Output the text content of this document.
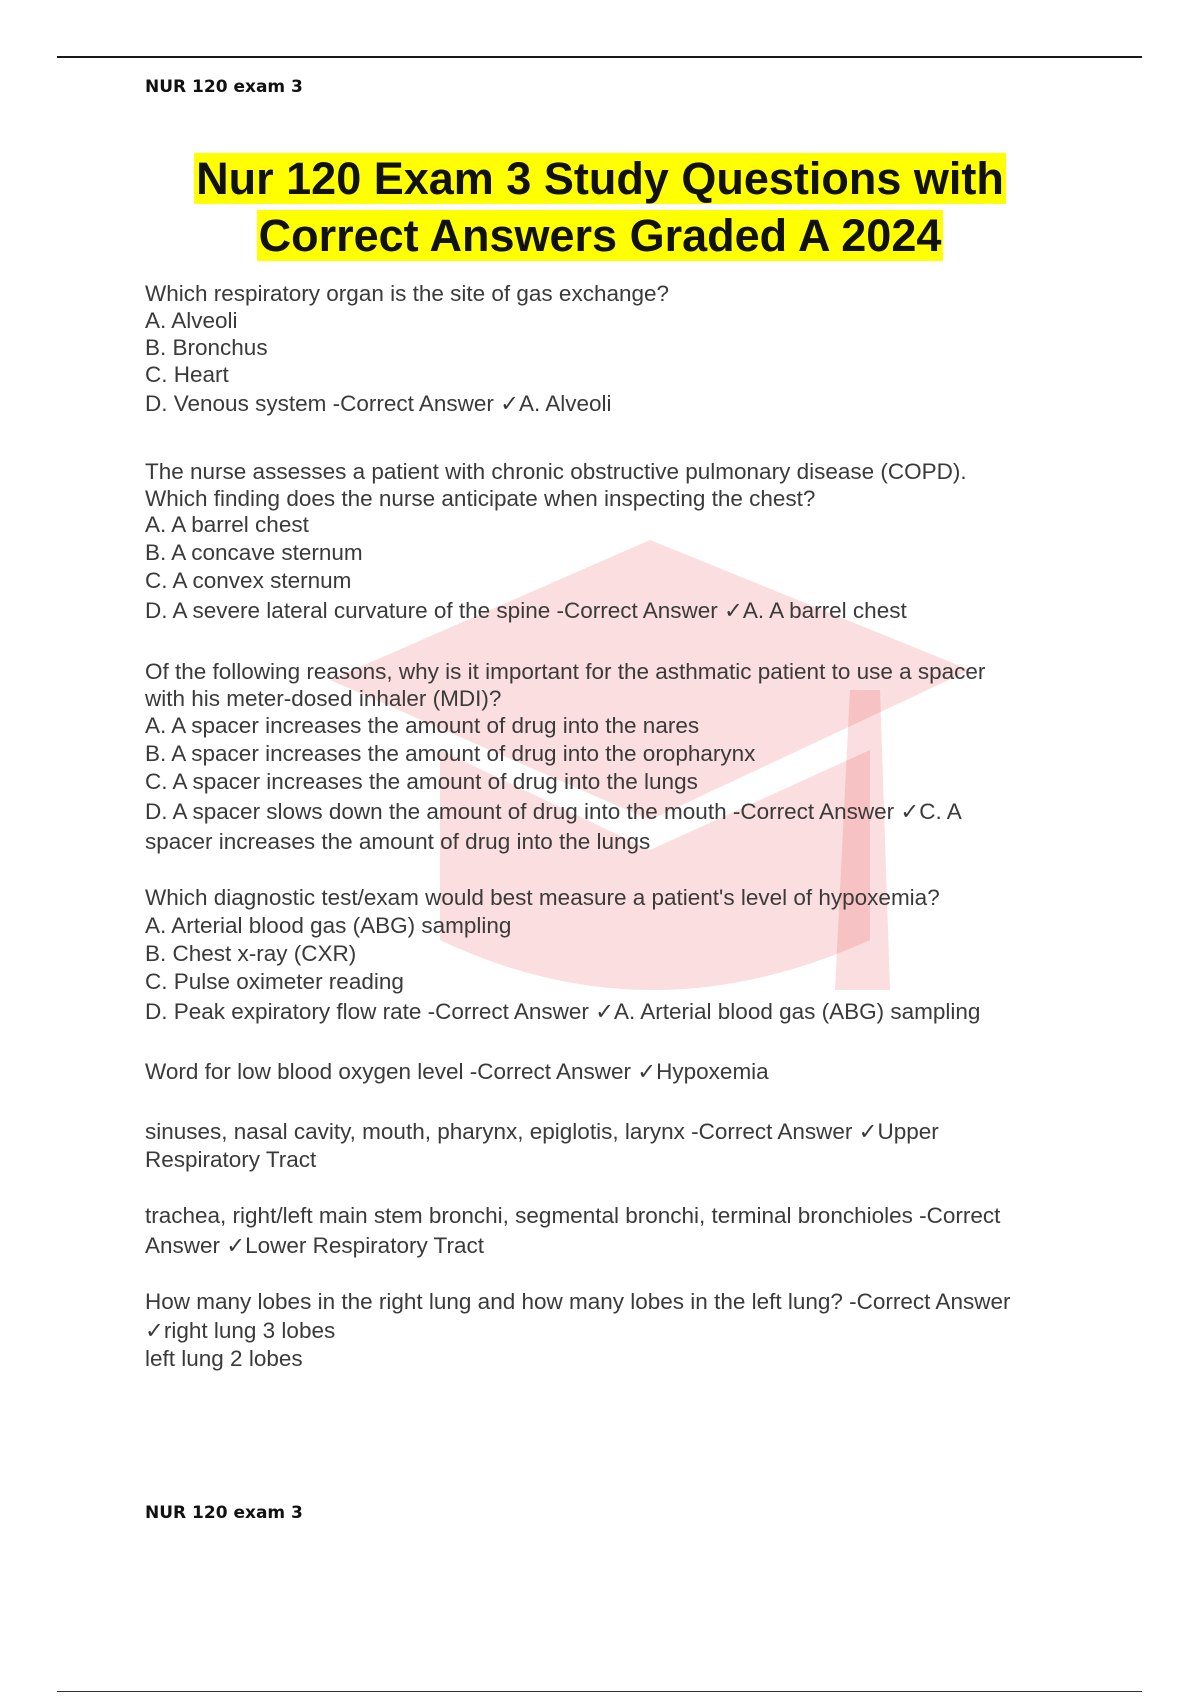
NUR 120 exam 3
Nur 120 Exam 3 Study Questions with
Correct Answers Graded A 2024
Which respiratory organ is the site of gas exchange?
A. Alveoli
B. Bronchus
C. Heart
D. Venous system -Correct Answer ✓A. Alveoli
The nurse assesses a patient with chronic obstructive pulmonary disease (COPD).
Which finding does the nurse anticipate when inspecting the chest?
A. A barrel chest
B. A concave sternum
C. A convex sternum
D. A severe lateral curvature of the spine -Correct Answer ✓A. A barrel chest
Of the following reasons, why is it important for the asthmatic patient to use a spacer
with his meter-dosed inhaler (MDI)?
A. A spacer increases the amount of drug into the nares
B. A spacer increases the amount of drug into the oropharynx
C. A spacer increases the amount of drug into the lungs
D. A spacer slows down the amount of drug into the mouth -Correct Answer ✓C. A
spacer increases the amount of drug into the lungs
Which diagnostic test/exam would best measure a patient's level of hypoxemia?
A. Arterial blood gas (ABG) sampling
B. Chest x-ray (CXR)
C. Pulse oximeter reading
D. Peak expiratory flow rate -Correct Answer ✓A. Arterial blood gas (ABG) sampling
Word for low blood oxygen level -Correct Answer ✓Hypoxemia
sinuses, nasal cavity, mouth, pharynx, epiglotis, larynx -Correct Answer ✓Upper
Respiratory Tract
trachea, right/left main stem bronchi, segmental bronchi, terminal bronchioles -Correct
Answer ✓Lower Respiratory Tract
How many lobes in the right lung and how many lobes in the left lung? -Correct Answer
✓right lung 3 lobes
left lung 2 lobes
NUR 120 exam 3
